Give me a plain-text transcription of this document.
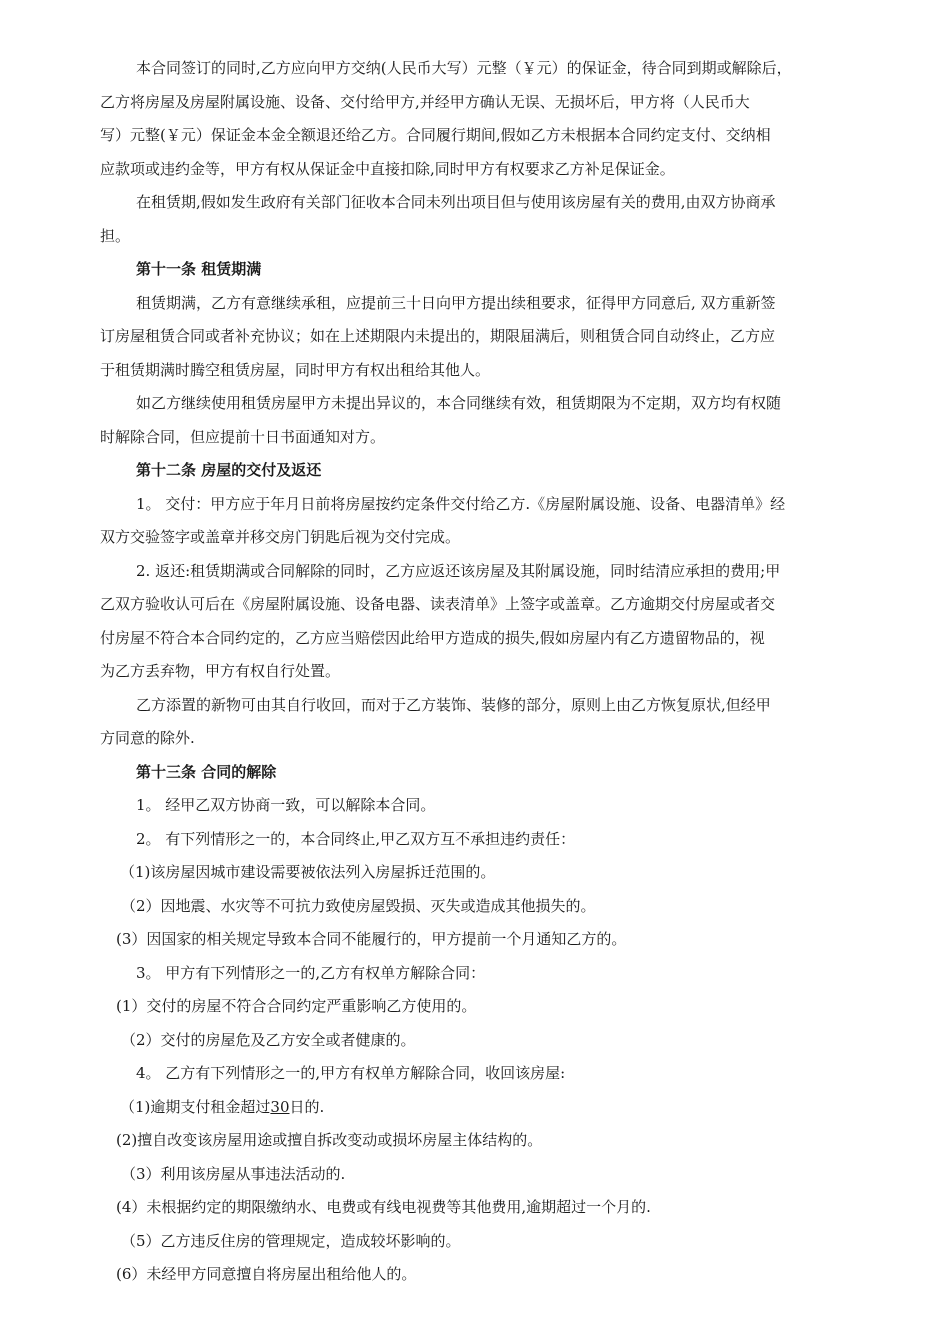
本合同签订的同时,乙方应向甲方交纳(人民币大写）元整（￥元）的保证金，待合同到期或解除后，
乙方将房屋及房屋附属设施、设备、交付给甲方,并经甲方确认无误、无损坏后，甲方将（人民币大
写）元整(￥元）保证金本金全额退还给乙方。合同履行期间,假如乙方未根据本合同约定支付、交纳相
应款项或违约金等，甲方有权从保证金中直接扣除,同时甲方有权要求乙方补足保证金。
在租赁期,假如发生政府有关部门征收本合同未列出项目但与使用该房屋有关的费用,由双方协商承
担。
第十一条 租赁期满
租赁期满，乙方有意继续承租，应提前三十日向甲方提出续租要求，征得甲方同意后, 双方重新签
订房屋租赁合同或者补充协议；如在上述期限内未提出的，期限届满后，则租赁合同自动终止，乙方应
于租赁期满时腾空租赁房屋，同时甲方有权出租给其他人。
如乙方继续使用租赁房屋甲方未提出异议的，本合同继续有效，租赁期限为不定期，双方均有权随
时解除合同，但应提前十日书面通知对方。
第十二条 房屋的交付及返还
1。 交付：甲方应于年月日前将房屋按约定条件交付给乙方.《房屋附属设施、设备、电器清单》经
双方交验签字或盖章并移交房门钥匙后视为交付完成。
2. 返还:租赁期满或合同解除的同时，乙方应返还该房屋及其附属设施，同时结清应承担的费用;甲
乙双方验收认可后在《房屋附属设施、设备电器、读表清单》上签字或盖章。乙方逾期交付房屋或者交
付房屋不符合本合同约定的，乙方应当赔偿因此给甲方造成的损失,假如房屋内有乙方遗留物品的，视
为乙方丢弃物，甲方有权自行处置。
乙方添置的新物可由其自行收回，而对于乙方装饰、装修的部分，原则上由乙方恢复原状,但经甲
方同意的除外.
第十三条 合同的解除
1。 经甲乙双方协商一致，可以解除本合同。
2。 有下列情形之一的，本合同终止,甲乙双方互不承担违约责任：
（1)该房屋因城市建设需要被依法列入房屋拆迁范围的。
（2）因地震、水灾等不可抗力致使房屋毁损、灭失或造成其他损失的。
(3）因国家的相关规定导致本合同不能履行的，甲方提前一个月通知乙方的。
3。 甲方有下列情形之一的,乙方有权单方解除合同：
(1）交付的房屋不符合合同约定严重影响乙方使用的。
（2）交付的房屋危及乙方安全或者健康的。
4。 乙方有下列情形之一的,甲方有权单方解除合同，收回该房屋:
（1)逾期支付租金超过30日的.
(2)擅自改变该房屋用途或擅自拆改变动或损坏房屋主体结构的。
（3）利用该房屋从事违法活动的.
(4）未根据约定的期限缴纳水、电费或有线电视费等其他费用,逾期超过一个月的.
（5）乙方违反住房的管理规定，造成较坏影响的。
(6）未经甲方同意擅自将房屋出租给他人的。
